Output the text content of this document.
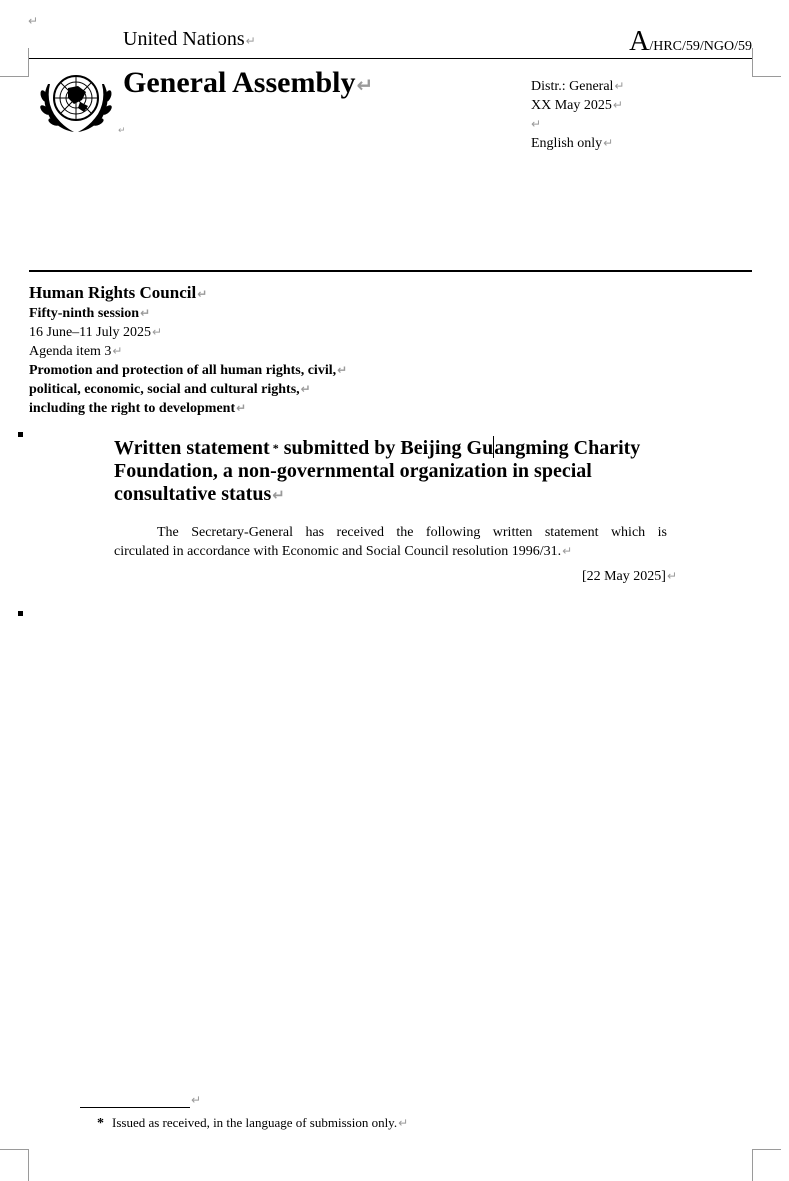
↵
United Nations↵	A/HRC/59/NGO/59
General Assembly↵
↵
Distr.: General↵
XX May 2025↵
↵
English only↵
Human Rights Council↵
Fifty-ninth session↵
16 June–11 July 2025↵
Agenda item 3↵
Promotion and protection of all human rights, civil,↵
political, economic, social and cultural rights,↵
including the right to development↵
Written statement * submitted by Beijing Guangming Charity
Foundation, a non-governmental organization in special
consultative status↵
The Secretary-General has received the following written statement which is
circulated in accordance with Economic and Social Council resolution 1996/31.↵
[22 May 2025]↵
↵
* Issued as received, in the language of submission only.↵
